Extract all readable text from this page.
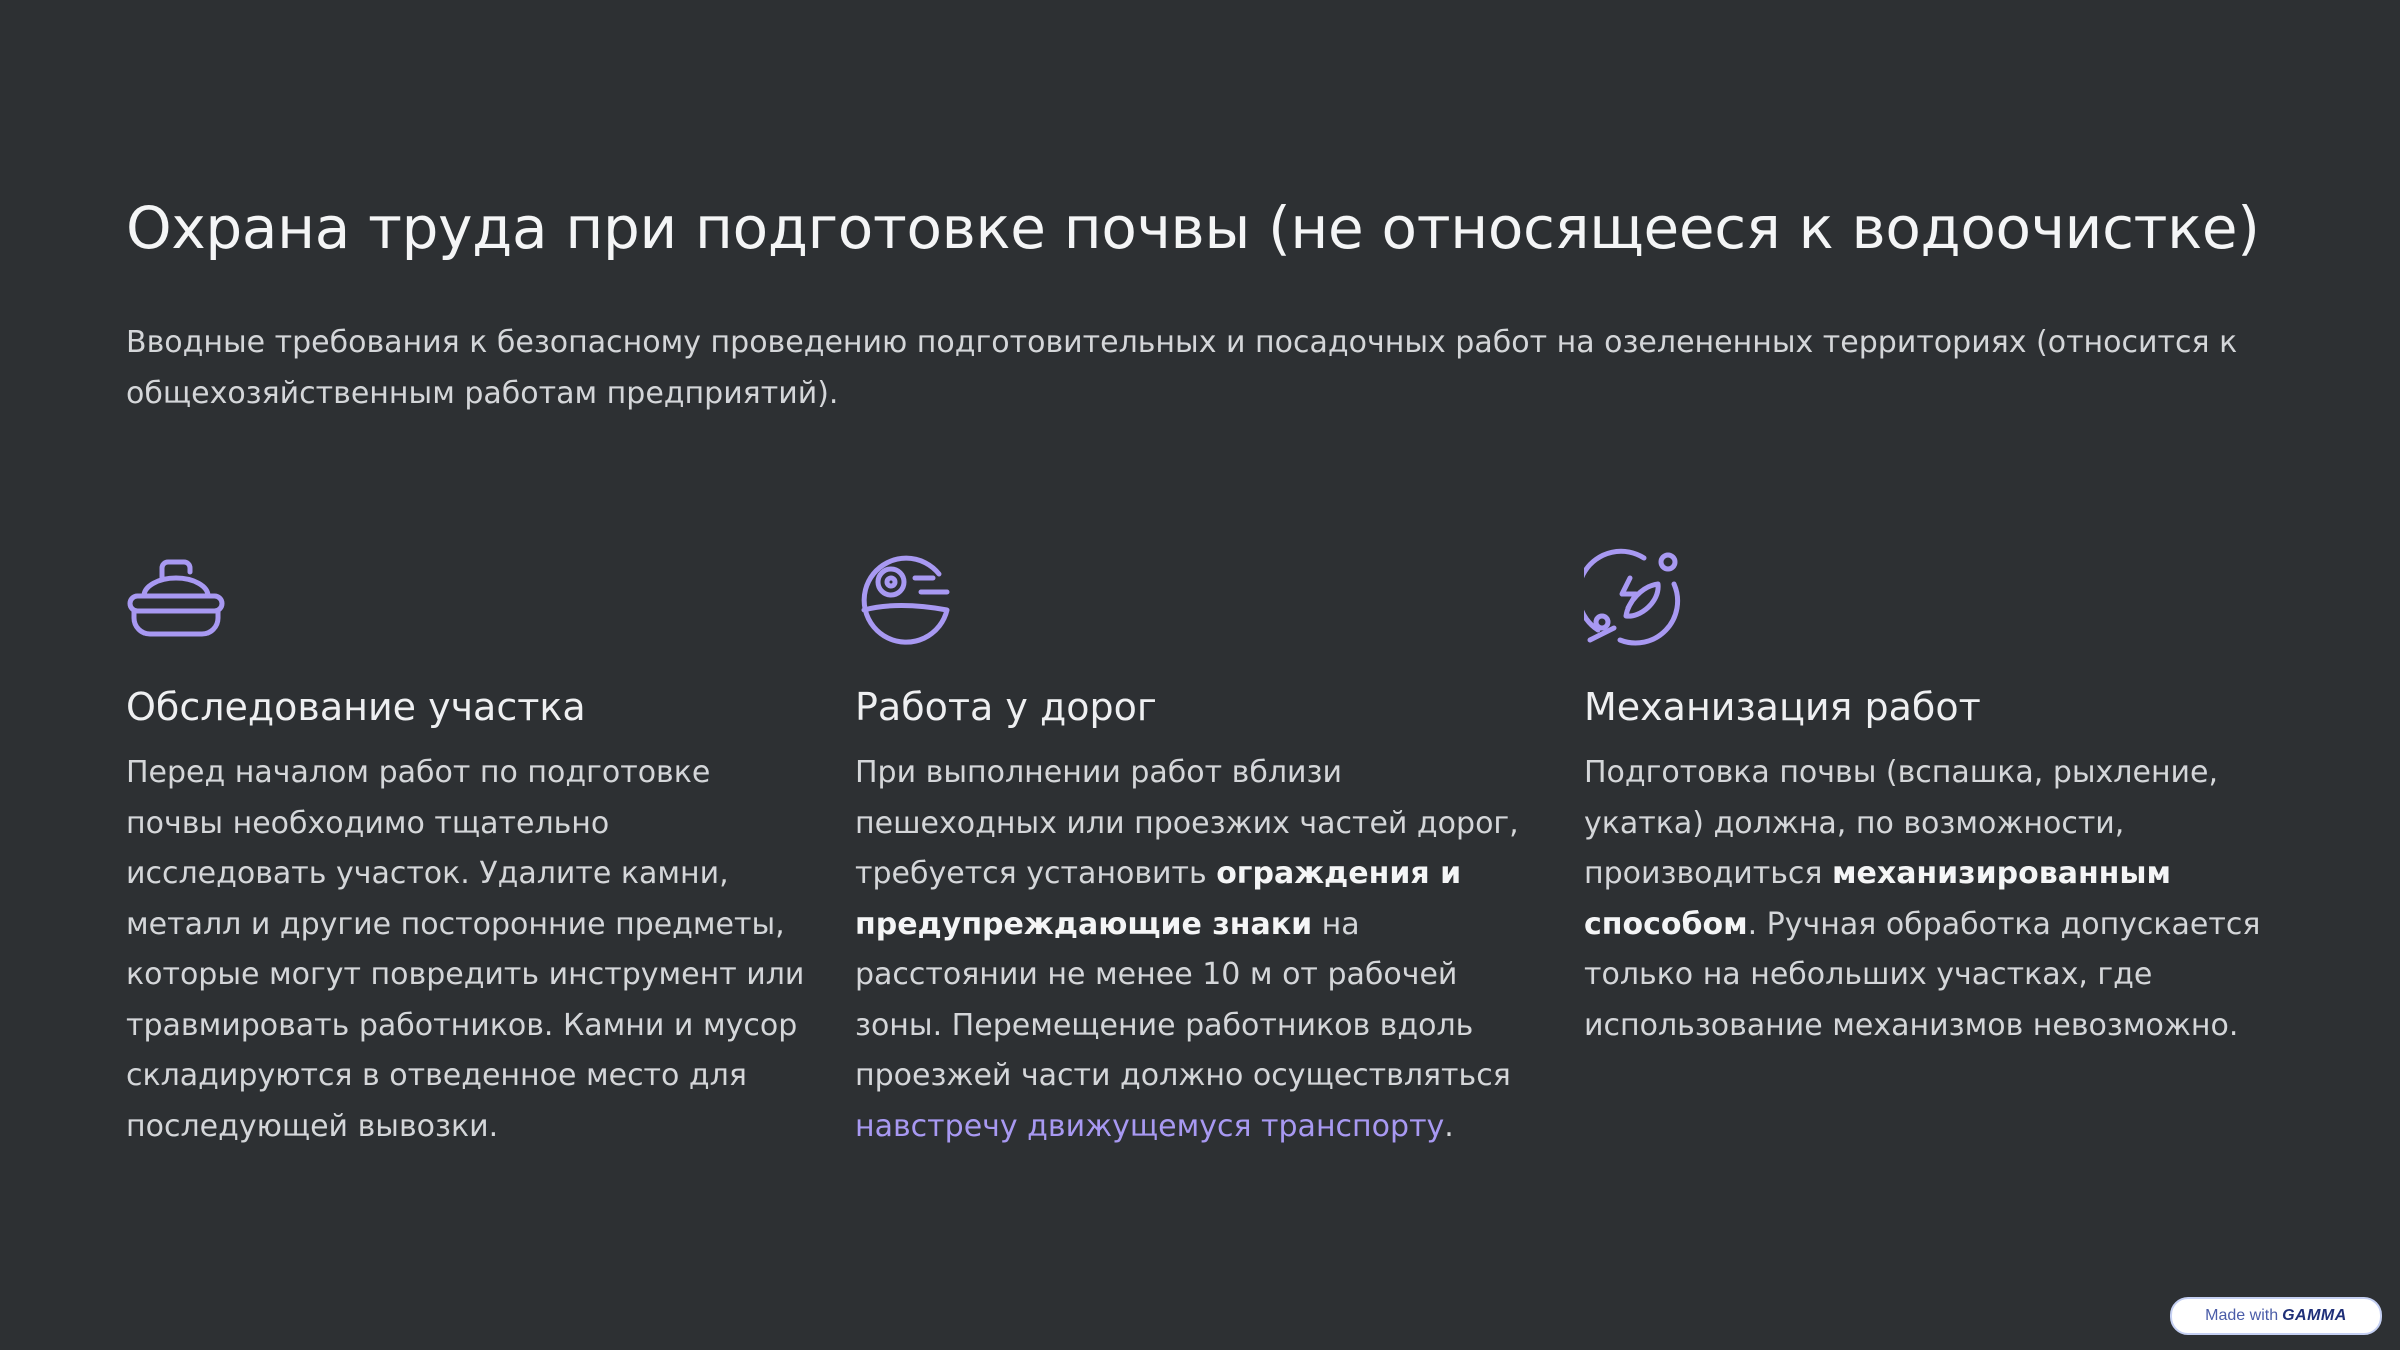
Охрана труда при подготовке почвы (не относящееся к водоочистке)

Вводные требования к безопасному проведению подготовительных и посадочных работ на озелененных территориях (относится к общехозяйственным работам предприятий).

Обследование участка

Перед началом работ по подготовке почвы необходимо тщательно исследовать участок. Удалите камни, металл и другие посторонние предметы, которые могут повредить инструмент или травмировать работников. Камни и мусор складируются в отведенное место для последующей вывозки.

Работа у дорог

При выполнении работ вблизи пешеходных или проезжих частей дорог, требуется установить ограждения и предупреждающие знаки на расстоянии не менее 10 м от рабочей зоны. Перемещение работников вдоль проезжей части должно осуществляться навстречу движущемуся транспорту.

Механизация работ

Подготовка почвы (вспашка, рыхление, укатка) должна, по возможности, производиться механизированным способом. Ручная обработка допускается только на небольших участках, где использование механизмов невозможно.

Made with GAMMA
